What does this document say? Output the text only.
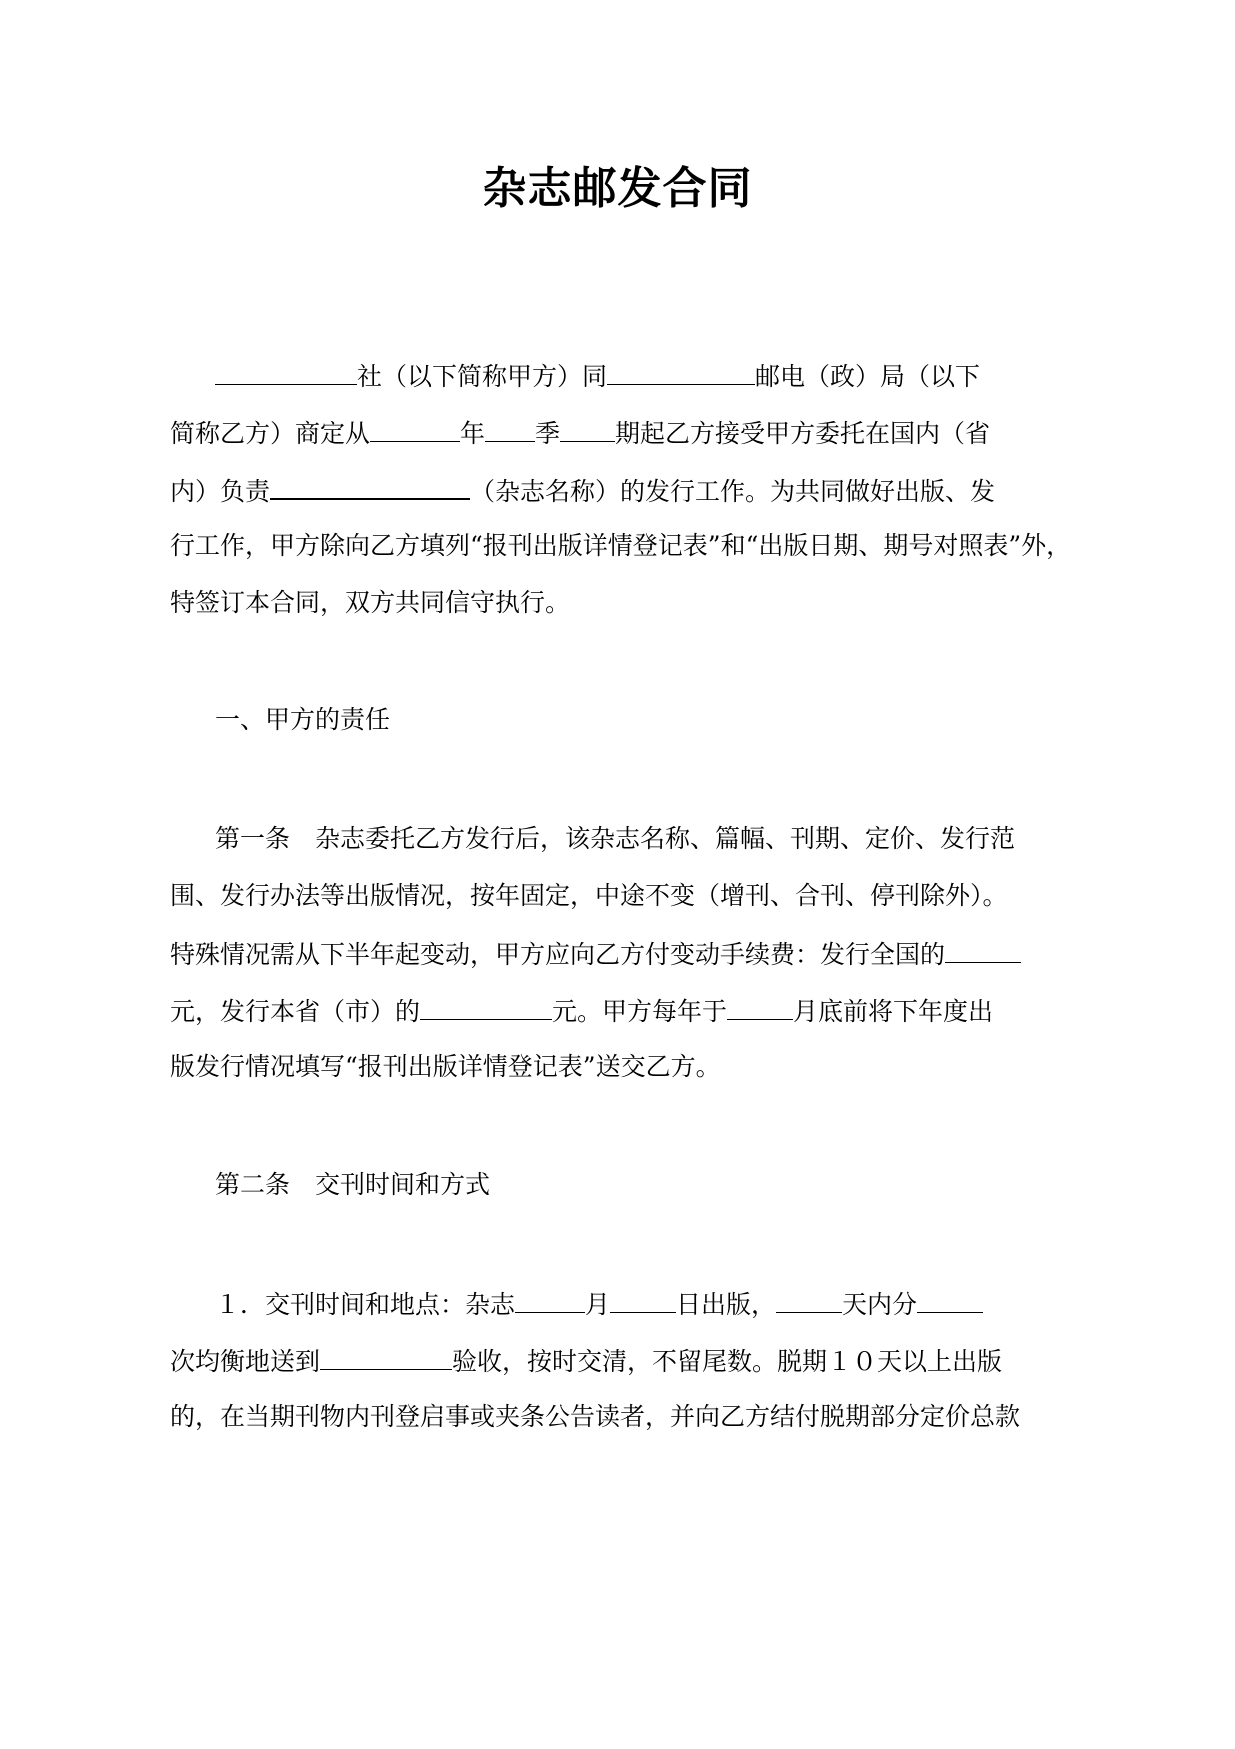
杂志邮发合同
社（以下简称甲方）同	邮电（政）局（以下
简称乙方）商定从	年 季 期起乙方接受甲方委托在国内（省
内）负责	（杂志名称）的发行工作。为共同做好出版、发
行工作，甲方除向乙方填列“报刊出版详情登记表”和“出版日期、期号对照表”外，
特签订本合同，双方共同信守执行。
一、甲方的责任
第一条　杂志委托乙方发行后，该杂志名称、篇幅、刊期、定价、发行范
围、发行办法等出版情况，按年固定，中途不变（增刊、合刊、停刊除外）。
特殊情况需从下半年起变动，甲方应向乙方付变动手续费：发行全国的
元，发行本省（市）的	元。甲方每年于	月底前将下年度出
版发行情况填写“报刊出版详情登记表”送交乙方。
第二条　交刊时间和方式
１．交刊时间和地点：杂志	月	日出版，	天内分
次均衡地送到	验收，按时交清，不留尾数。脱期１０天以上出版
的，在当期刊物内刊登启事或夹条公告读者，并向乙方结付脱期部分定价总款
